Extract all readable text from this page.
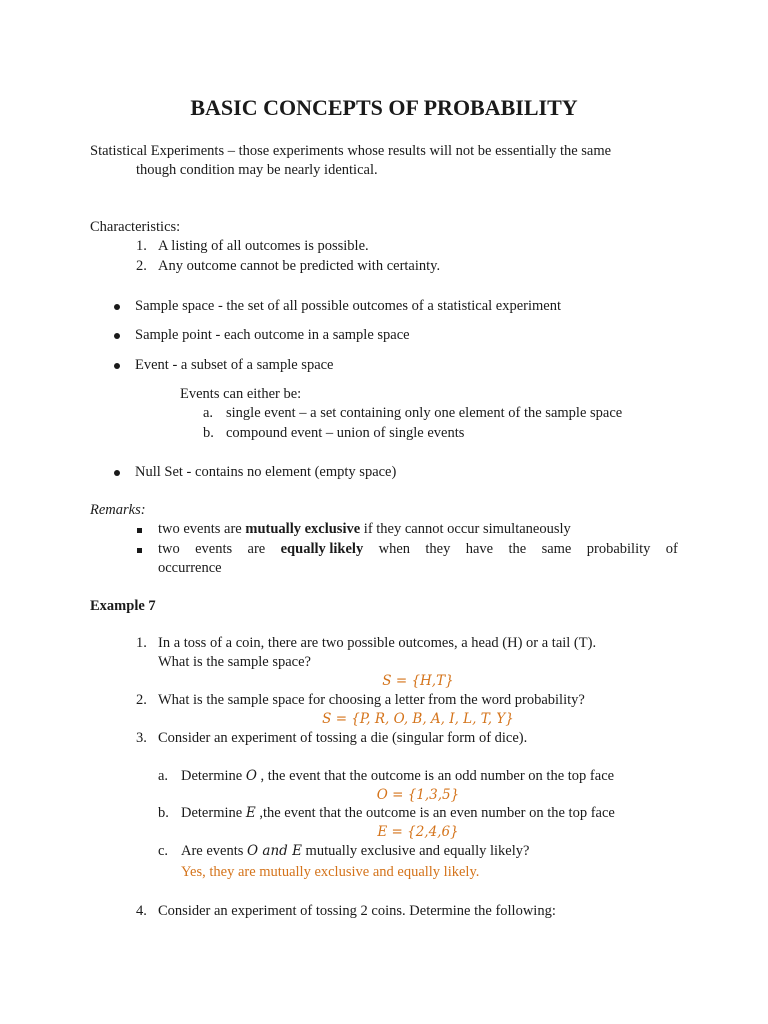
BASIC CONCEPTS OF PROBABILITY
Statistical Experiments – those experiments whose results will not be essentially the same
though condition may be nearly identical.
Characteristics:
1. A listing of all outcomes is possible.
2. Any outcome cannot be predicted with certainty.
Sample space - the set of all possible outcomes of a statistical experiment
Sample point - each outcome in a sample space
Event - a subset of a sample space
Events can either be:
a. single event – a set containing only one element of the sample space
b. compound event – union of single events
Null Set - contains no element (empty space)
Remarks:
two events are mutually exclusive if they cannot occur simultaneously
two events are equally likely when they have the same probability of
occurrence
Example 7
1. In a toss of a coin, there are two possible outcomes, a head (H) or a tail (T).
What is the sample space?
S = {H,T}
2. What is the sample space for choosing a letter from the word probability?
S = {P, R, O, B, A, I, L, T, Y}
3. Consider an experiment of tossing a die (singular form of dice).
a. Determine O , the event that the outcome is an odd number on the top face
O = {1,3,5}
b. Determine E ,the event that the outcome is an even number on the top face
E = {2,4,6}
c. Are events O and E mutually exclusive and equally likely?
Yes, they are mutually exclusive and equally likely.
4. Consider an experiment of tossing 2 coins. Determine the following:
